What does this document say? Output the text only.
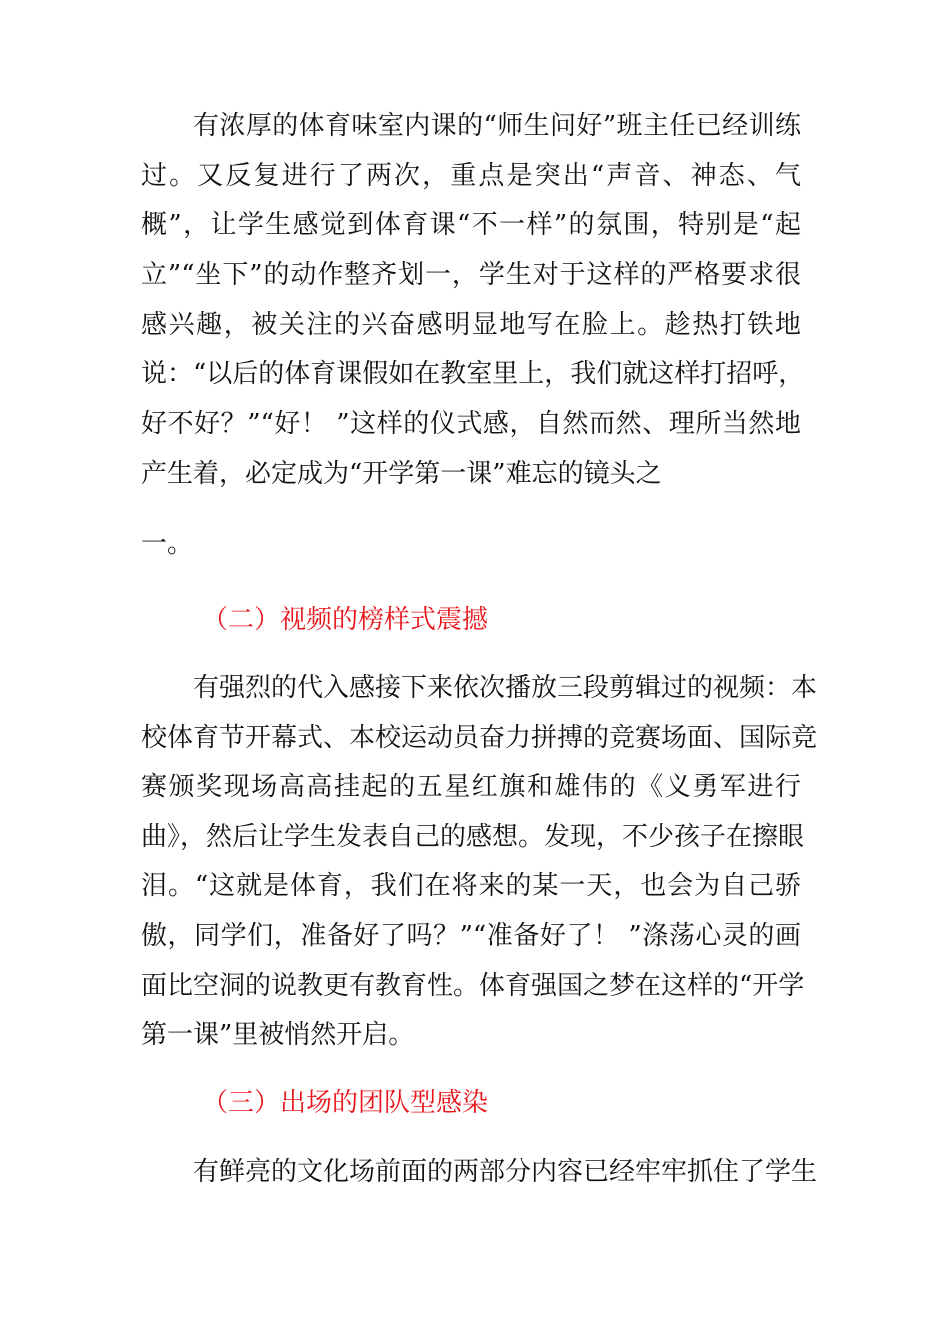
有浓厚的体育味室内课的“师生问好”班主任已经训练
过。又反复进行了两次，重点是突出“声音、神态、气
概”，让学生感觉到体育课“不一样”的氛围，特别是“起
立”“坐下”的动作整齐划一，学生对于这样的严格要求很
感兴趣，被关注的兴奋感明显地写在脸上。趁热打铁地
说：“以后的体育课假如在教室里上，我们就这样打招呼，
好不好？”“好！ ”这样的仪式感，自然而然、理所当然地
产生着，必定成为“开学第一课”难忘的镜头之
一。
（二）视频的榜样式震撼
有强烈的代入感接下来依次播放三段剪辑过的视频：本
校体育节开幕式、本校运动员奋力拼搏的竞赛场面、国际竞
赛颁奖现场高高挂起的五星红旗和雄伟的《义勇军进行
曲》，然后让学生发表自己的感想。发现，不少孩子在擦眼
泪。“这就是体育，我们在将来的某一天，也会为自己骄
傲，同学们，准备好了吗？”“准备好了！ ”涤荡心灵的画
面比空洞的说教更有教育性。体育强国之梦在这样的“开学
第一课”里被悄然开启。
（三）出场的团队型感染
有鲜亮的文化场前面的两部分内容已经牢牢抓住了学生
